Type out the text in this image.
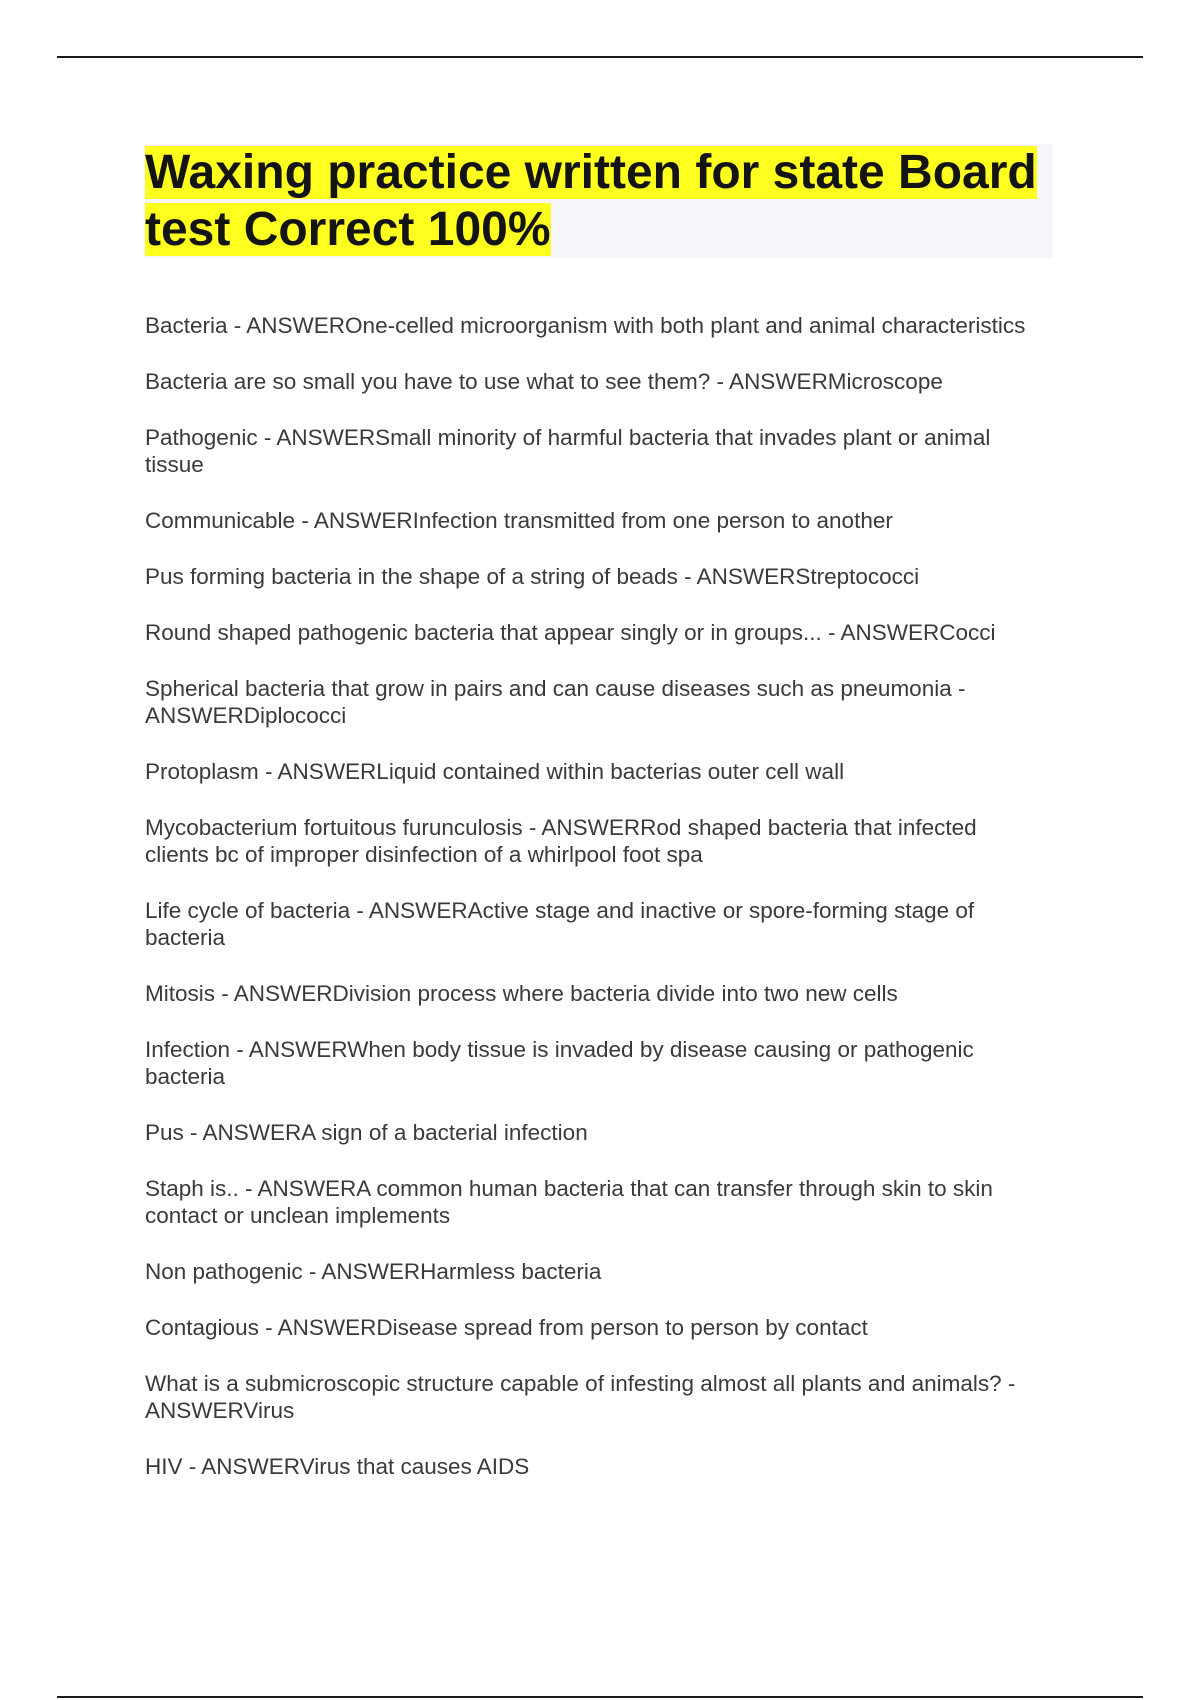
Waxing practice written for state Board test Correct 100%
Bacteria - ANSWEROne-celled microorganism with both plant and animal characteristics
Bacteria are so small you have to use what to see them? - ANSWERMicroscope
Pathogenic - ANSWERSmall minority of harmful bacteria that invades plant or animal tissue
Communicable - ANSWERInfection transmitted from one person to another
Pus forming bacteria in the shape of a string of beads - ANSWERStreptococci
Round shaped pathogenic bacteria that appear singly or in groups... - ANSWERCocci
Spherical bacteria that grow in pairs and can cause diseases such as pneumonia - ANSWERDiplococci
Protoplasm - ANSWERLiquid contained within bacterias outer cell wall
Mycobacterium fortuitous furunculosis - ANSWERRod shaped bacteria that infected clients bc of improper disinfection of a whirlpool foot spa
Life cycle of bacteria - ANSWERActive stage and inactive or spore-forming stage of bacteria
Mitosis - ANSWERDivision process where bacteria divide into two new cells
Infection - ANSWERWhen body tissue is invaded by disease causing or pathogenic bacteria
Pus - ANSWERA sign of a bacterial infection
Staph is.. - ANSWERA common human bacteria that can transfer through skin to skin contact or unclean implements
Non pathogenic - ANSWERHarmless bacteria
Contagious - ANSWERDisease spread from person to person by contact
What is a submicroscopic structure capable of infesting almost all plants and animals? - ANSWERVirus
HIV - ANSWERVirus that causes AIDS
